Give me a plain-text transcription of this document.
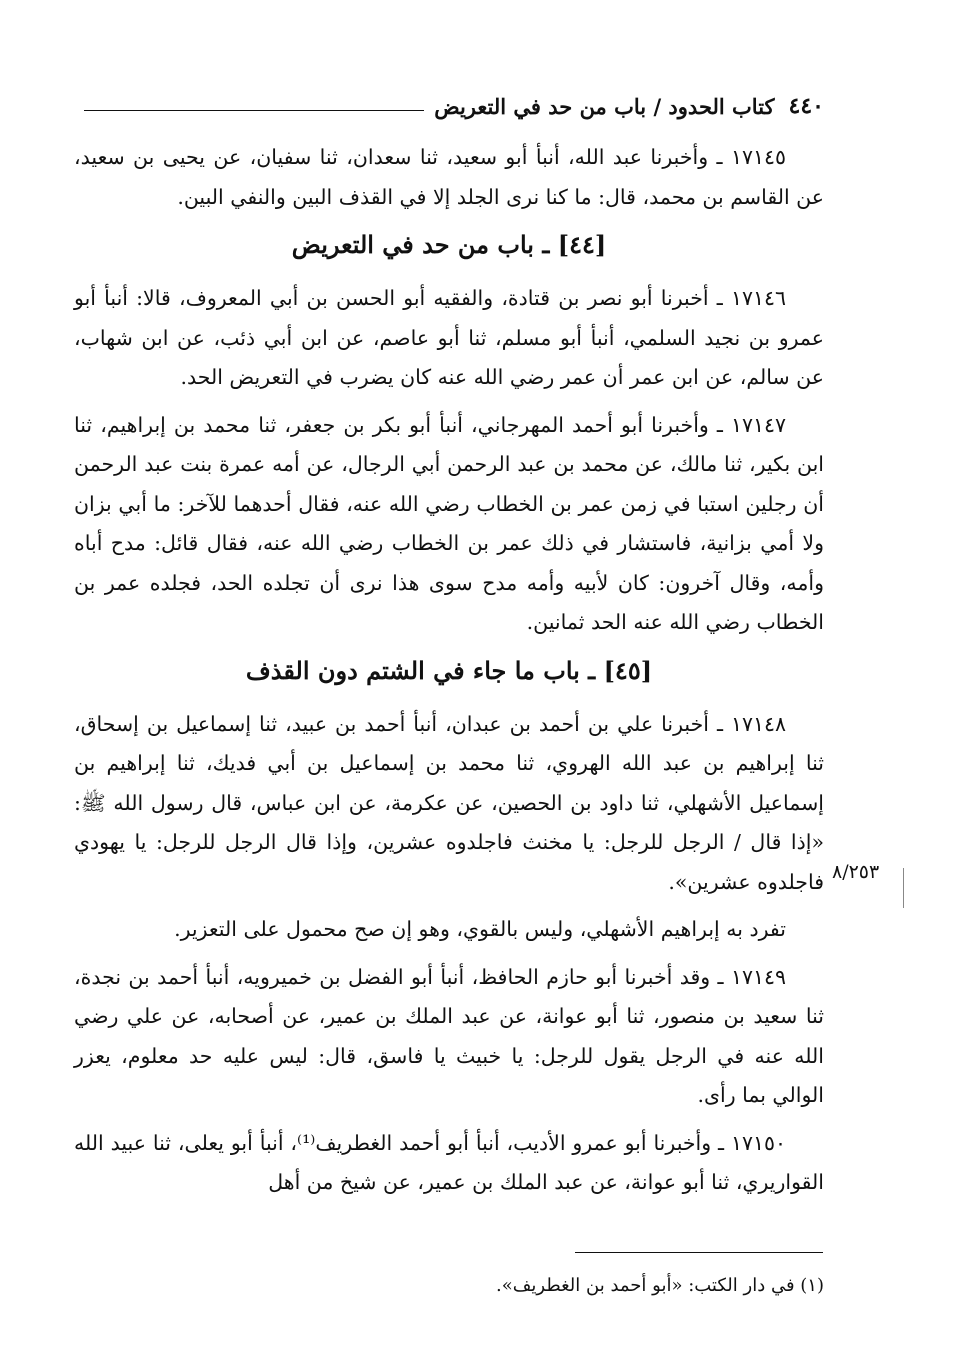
٤٤٠
كتاب الحدود / باب من حد في التعريض

١٧١٤٥ ـ وأخبرنا عبد الله، أنبأ أبو سعيد، ثنا سعدان، ثنا سفيان، عن يحيى بن سعيد، عن القاسم بن محمد، قال: ما كنا نرى الجلد إلا في القذف البين والنفي البين.

[٤٤] ـ باب من حد في التعريض

١٧١٤٦ ـ أخبرنا أبو نصر بن قتادة، والفقيه أبو الحسن بن أبي المعروف، قالا: أنبأ أبو عمرو بن نجيد السلمي، أنبأ أبو مسلم، ثنا أبو عاصم، عن ابن أبي ذئب، عن ابن شهاب، عن سالم، عن ابن عمر أن عمر رضي الله عنه كان يضرب في التعريض الحد.

١٧١٤٧ ـ وأخبرنا أبو أحمد المهرجاني، أنبأ أبو بكر بن جعفر، ثنا محمد بن إبراهيم، ثنا ابن بكير، ثنا مالك، عن محمد بن عبد الرحمن أبي الرجال، عن أمه عمرة بنت عبد الرحمن أن رجلين استبا في زمن عمر بن الخطاب رضي الله عنه، فقال أحدهما للآخر: ما أبي بزان ولا أمي بزانية، فاستشار في ذلك عمر بن الخطاب رضي الله عنه، فقال قائل: مدح أباه وأمه، وقال آخرون: كان لأبيه وأمه مدح سوى هذا نرى أن تجلده الحد، فجلده عمر بن الخطاب رضي الله عنه الحد ثمانين.

[٤٥] ـ باب ما جاء في الشتم دون القذف

١٧١٤٨ ـ أخبرنا علي بن أحمد بن عبدان، أنبأ أحمد بن عبيد، ثنا إسماعيل بن إسحاق، ثنا إبراهيم بن عبد الله الهروي، ثنا محمد بن إسماعيل بن أبي فديك، ثنا إبراهيم بن إسماعيل الأشهلي، ثنا داود بن الحصين، عن عكرمة، عن ابن عباس، قال رسول الله ﷺ: «إذا قال / الرجل للرجل: يا مخنث فاجلدوه عشرين، وإذا قال الرجل للرجل: يا يهودي فاجلدوه عشرين».

تفرد به إبراهيم الأشهلي، وليس بالقوي، وهو إن صح محمول على التعزير.

١٧١٤٩ ـ وقد أخبرنا أبو حازم الحافظ، أنبأ أبو الفضل بن خميرويه، أنبأ أحمد بن نجدة، ثنا سعيد بن منصور، ثنا أبو عوانة، عن عبد الملك بن عمير، عن أصحابه، عن علي رضي الله عنه في الرجل يقول للرجل: يا خبيث يا فاسق، قال: ليس عليه حد معلوم، يعزر الوالي بما رأى.

١٧١٥٠ ـ وأخبرنا أبو عمرو الأديب، أنبأ أبو أحمد الغطريف⁽¹⁾، أنبأ أبو يعلى، ثنا عبيد الله القواريري، ثنا أبو عوانة، عن عبد الملك بن عمير، عن شيخ من أهل

٨/٢٥٣
(١) في دار الكتب: «أبو أحمد بن الغطريف».
